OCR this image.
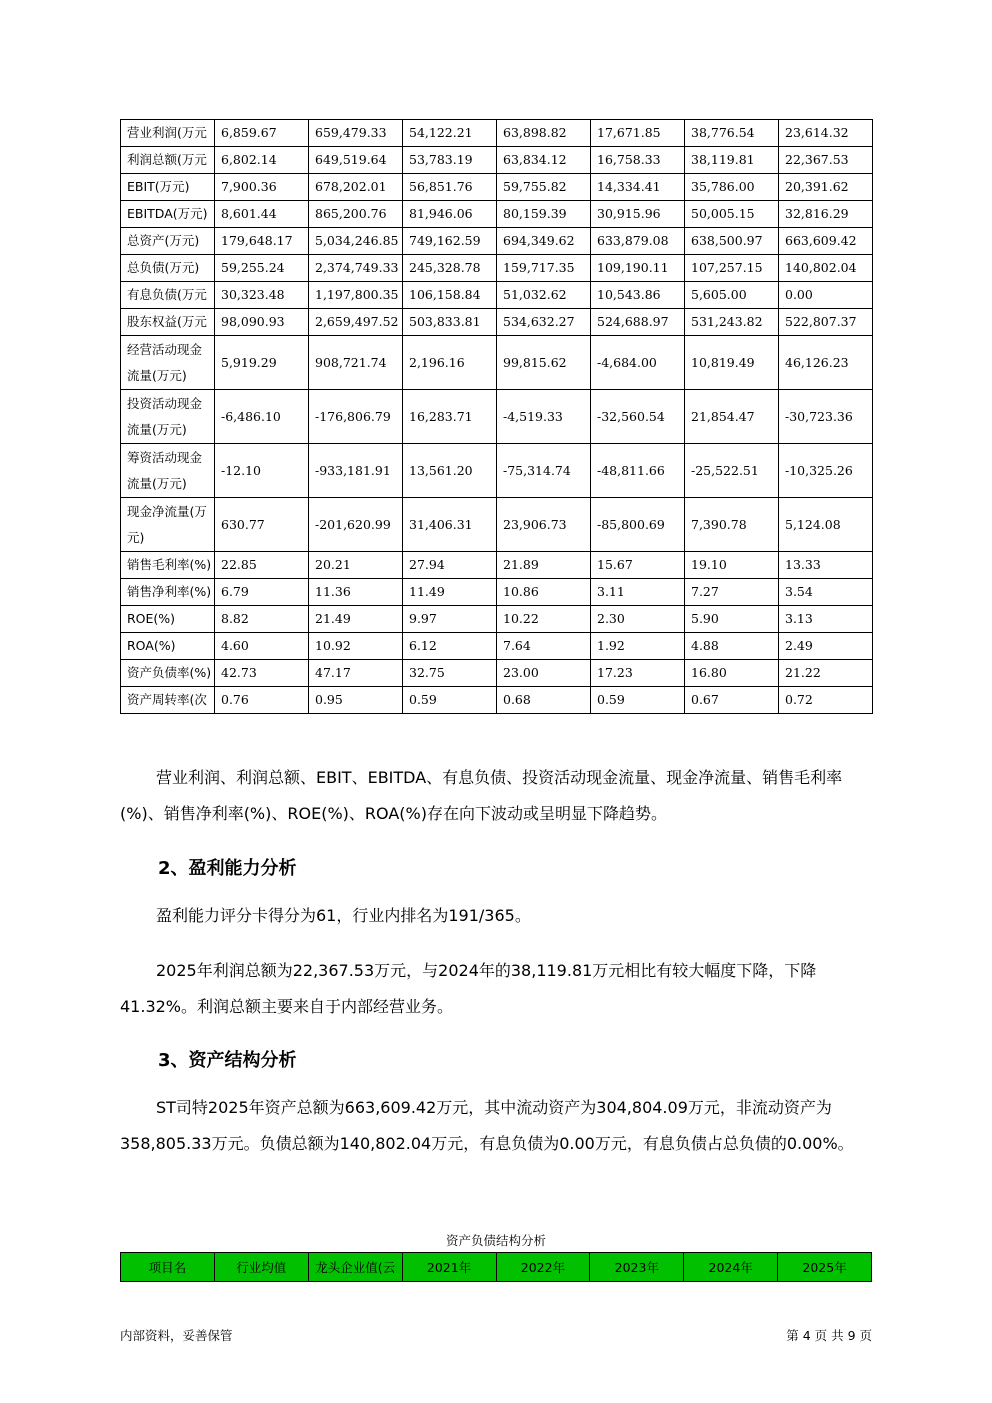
营业利润(万元	6,859.67	659,479.33	54,122.21	63,898.82	17,671.85	38,776.54	23,614.32
利润总额(万元	6,802.14	649,519.64	53,783.19	63,834.12	16,758.33	38,119.81	22,367.53
EBIT(万元)	7,900.36	678,202.01	56,851.76	59,755.82	14,334.41	35,786.00	20,391.62
EBITDA(万元)	8,601.44	865,200.76	81,946.06	80,159.39	30,915.96	50,005.15	32,816.29
总资产(万元)	179,648.17	5,034,246.85	749,162.59	694,349.62	633,879.08	638,500.97	663,609.42
总负债(万元)	59,255.24	2,374,749.33	245,328.78	159,717.35	109,190.11	107,257.15	140,802.04
有息负债(万元	30,323.48	1,197,800.35	106,158.84	51,032.62	10,543.86	5,605.00	0.00
股东权益(万元	98,090.93	2,659,497.52	503,833.81	534,632.27	524,688.97	531,243.82	522,807.37
经营活动现金流量(万元)	5,919.29	908,721.74	2,196.16	99,815.62	-4,684.00	10,819.49	46,126.23
投资活动现金流量(万元)	-6,486.10	-176,806.79	16,283.71	-4,519.33	-32,560.54	21,854.47	-30,723.36
筹资活动现金流量(万元)	-12.10	-933,181.91	13,561.20	-75,314.74	-48,811.66	-25,522.51	-10,325.26
现金净流量(万元)	630.77	-201,620.99	31,406.31	23,906.73	-85,800.69	7,390.78	5,124.08
销售毛利率(%)	22.85	20.21	27.94	21.89	15.67	19.10	13.33
销售净利率(%)	6.79	11.36	11.49	10.86	3.11	7.27	3.54
ROE(%)	8.82	21.49	9.97	10.22	2.30	5.90	3.13
ROA(%)	4.60	10.92	6.12	7.64	1.92	4.88	2.49
资产负债率(%)	42.73	47.17	32.75	23.00	17.23	16.80	21.22
资产周转率(次	0.76	0.95	0.59	0.68	0.59	0.67	0.72
营业利润、利润总额、EBIT、EBITDA、有息负债、投资活动现金流量、现金净流量、销售毛利率(%)、销售净利率(%)、ROE(%)、ROA(%)存在向下波动或呈明显下降趋势。
2、盈利能力分析
盈利能力评分卡得分为61，行业内排名为191/365。
2025年利润总额为22,367.53万元，与2024年的38,119.81万元相比有较大幅度下降，下降41.32%。利润总额主要来自于内部经营业务。
3、资产结构分析
ST司特2025年资产总额为663,609.42万元，其中流动资产为304,804.09万元，非流动资产为358,805.33万元。负债总额为140,802.04万元，有息负债为0.00万元，有息负债占总负债的0.00%。
资产负债结构分析
项目名	行业均值	龙头企业值(云	2021年	2022年	2023年	2024年	2025年
内部资料，妥善保管	第 4 页 共 9 页
